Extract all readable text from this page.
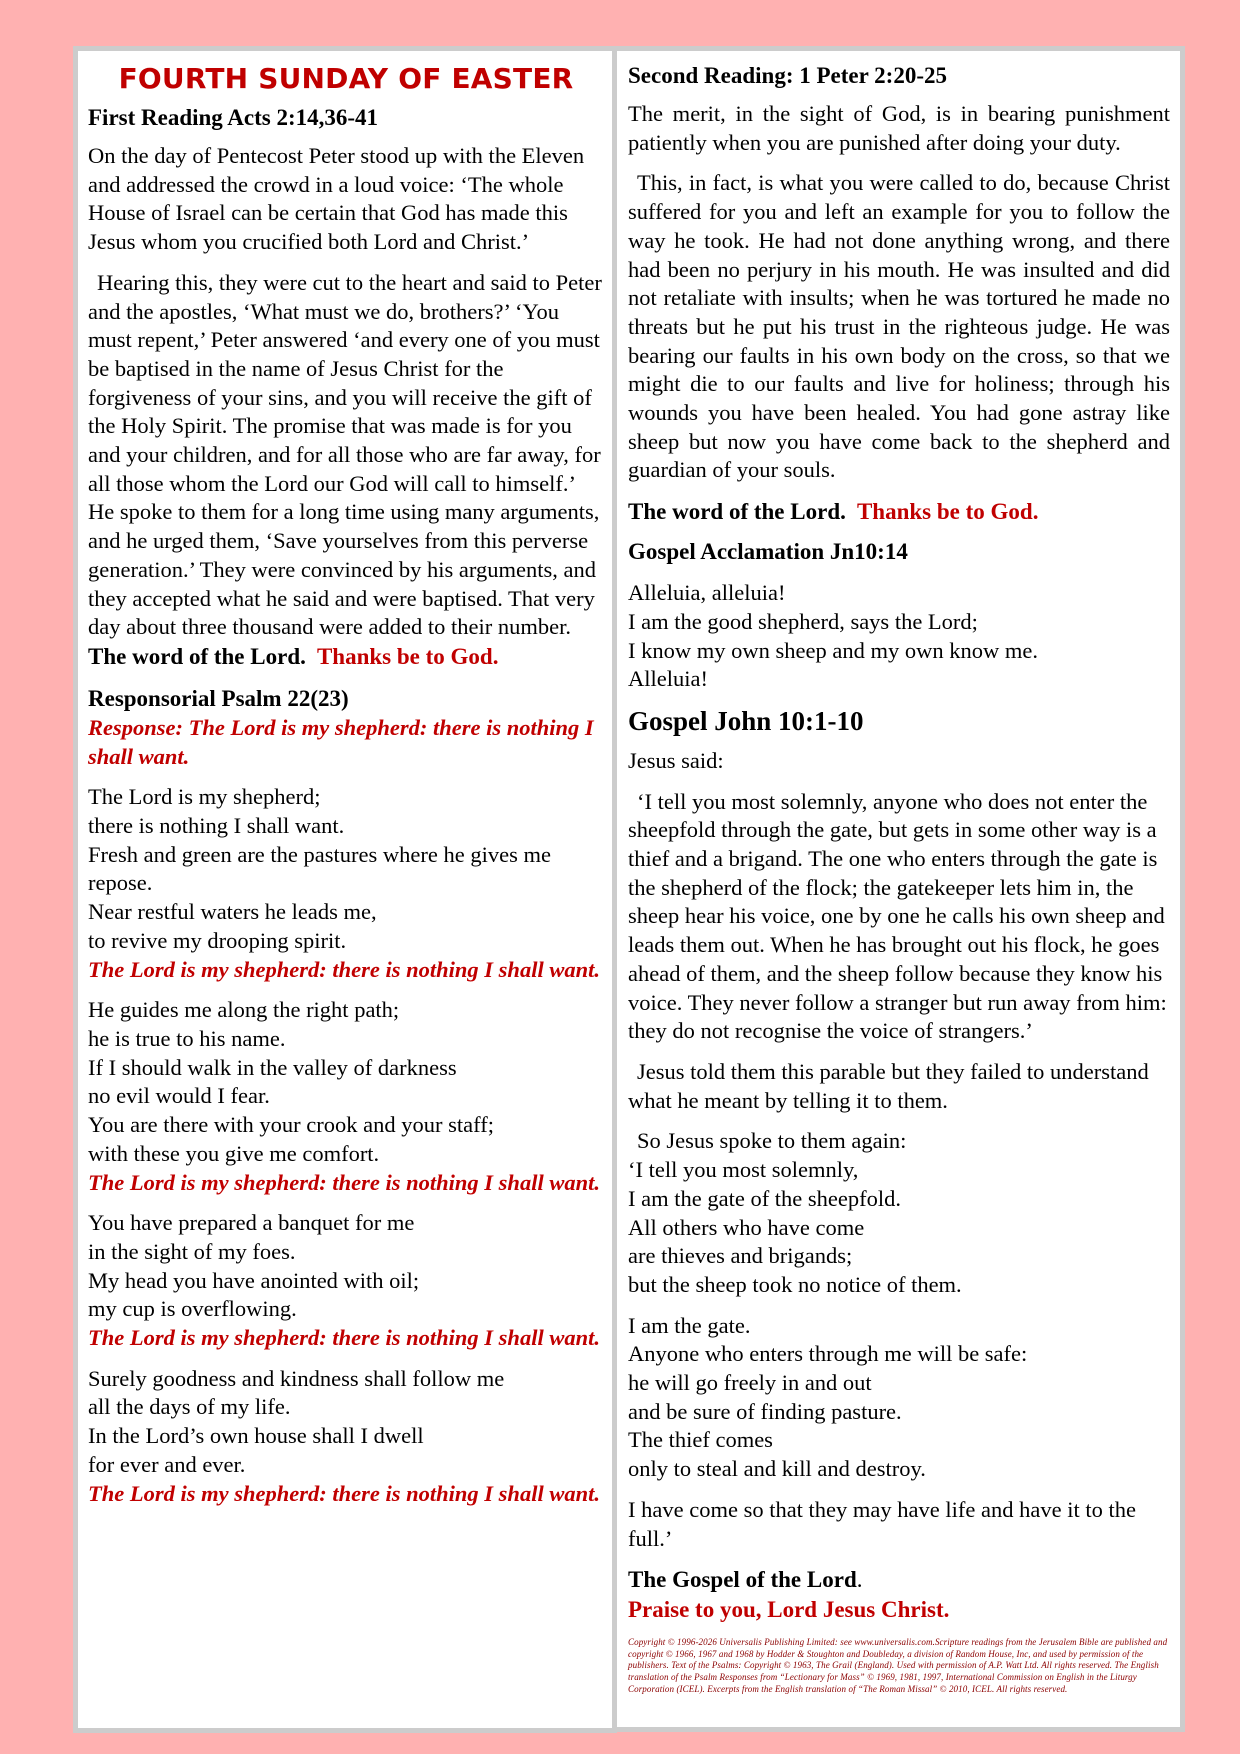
FOURTH SUNDAY OF EASTER
First Reading Acts 2:14,36-41

On the day of Pentecost Peter stood up with the Eleven and addressed the crowd in a loud voice: ‘The whole House of Israel can be certain that God has made this Jesus whom you crucified both Lord and Christ.’

Hearing this, they were cut to the heart and said to Peter and the apostles, ‘What must we do, brothers?’ ‘You must repent,’ Peter answered ‘and every one of you must be baptised in the name of Jesus Christ for the forgiveness of your sins, and you will receive the gift of the Holy Spirit. The promise that was made is for you and your children, and for all those who are far away, for all those whom the Lord our God will call to himself.’ He spoke to them for a long time using many arguments, and he urged them, ‘Save yourselves from this perverse generation.’ They were convinced by his arguments, and they accepted what he said and were baptised. That very day about three thousand were added to their number.

The word of the Lord. Thanks be to God.
Responsorial Psalm 22(23)
Response: The Lord is my shepherd: there is nothing I shall want.

The Lord is my shepherd;
there is nothing I shall want.
Fresh and green are the pastures where he gives me repose.
Near restful waters he leads me,
to revive my drooping spirit.
The Lord is my shepherd: there is nothing I shall want.

He guides me along the right path;
he is true to his name.
If I should walk in the valley of darkness
no evil would I fear.
You are there with your crook and your staff;
with these you give me comfort.
The Lord is my shepherd: there is nothing I shall want.

You have prepared a banquet for me
in the sight of my foes.
My head you have anointed with oil;
my cup is overflowing.
The Lord is my shepherd: there is nothing I shall want.

Surely goodness and kindness shall follow me
all the days of my life.
In the Lord’s own house shall I dwell
for ever and ever.
The Lord is my shepherd: there is nothing I shall want.

Second Reading: 1 Peter 2:20-25

The merit, in the sight of God, is in bearing punishment patiently when you are punished after doing your duty.

This, in fact, is what you were called to do, because Christ suffered for you and left an example for you to follow the way he took. He had not done anything wrong, and there had been no perjury in his mouth. He was insulted and did not retaliate with insults; when he was tortured he made no threats but he put his trust in the righteous judge. He was bearing our faults in his own body on the cross, so that we might die to our faults and live for holiness; through his wounds you have been healed. You had gone astray like sheep but now you have come back to the shepherd and guardian of your souls.

The word of the Lord. Thanks be to God.
Gospel Acclamation Jn10:14

Alleluia, alleluia!
I am the good shepherd, says the Lord;
I know my own sheep and my own know me.
Alleluia!

Gospel John 10:1-10

Jesus said:

‘I tell you most solemnly, anyone who does not enter the sheepfold through the gate, but gets in some other way is a thief and a brigand. The one who enters through the gate is the shepherd of the flock; the gatekeeper lets him in, the sheep hear his voice, one by one he calls his own sheep and leads them out. When he has brought out his flock, he goes ahead of them, and the sheep follow because they know his voice. They never follow a stranger but run away from him: they do not recognise the voice of strangers.’

Jesus told them this parable but they failed to understand what he meant by telling it to them.

So Jesus spoke to them again:
‘I tell you most solemnly,
I am the gate of the sheepfold.
All others who have come
are thieves and brigands;
but the sheep took no notice of them.

I am the gate.
Anyone who enters through me will be safe:
he will go freely in and out
and be sure of finding pasture.
The thief comes
only to steal and kill and destroy.

I have come so that they may have life and have it to the full.’

The Gospel of the Lord.
Praise to you, Lord Jesus Christ.
Copyright © 1996-2026 Universalis Publishing Limited: see www.universalis.com.Scripture readings from the Jerusalem Bible are published and copyright © 1966, 1967 and 1968 by Hodder & Stoughton and Doubleday, a division of Random House, Inc, and used by permission of the publishers. Text of the Psalms: Copyright © 1963, The Grail (England). Used with permission of A.P. Watt Ltd. All rights reserved. The English translation of the Psalm Responses from “Lectionary for Mass” © 1969, 1981, 1997, International Commission on English in the Liturgy Corporation (ICEL). Excerpts from the English translation of “The Roman Missal” © 2010, ICEL. All rights reserved.
